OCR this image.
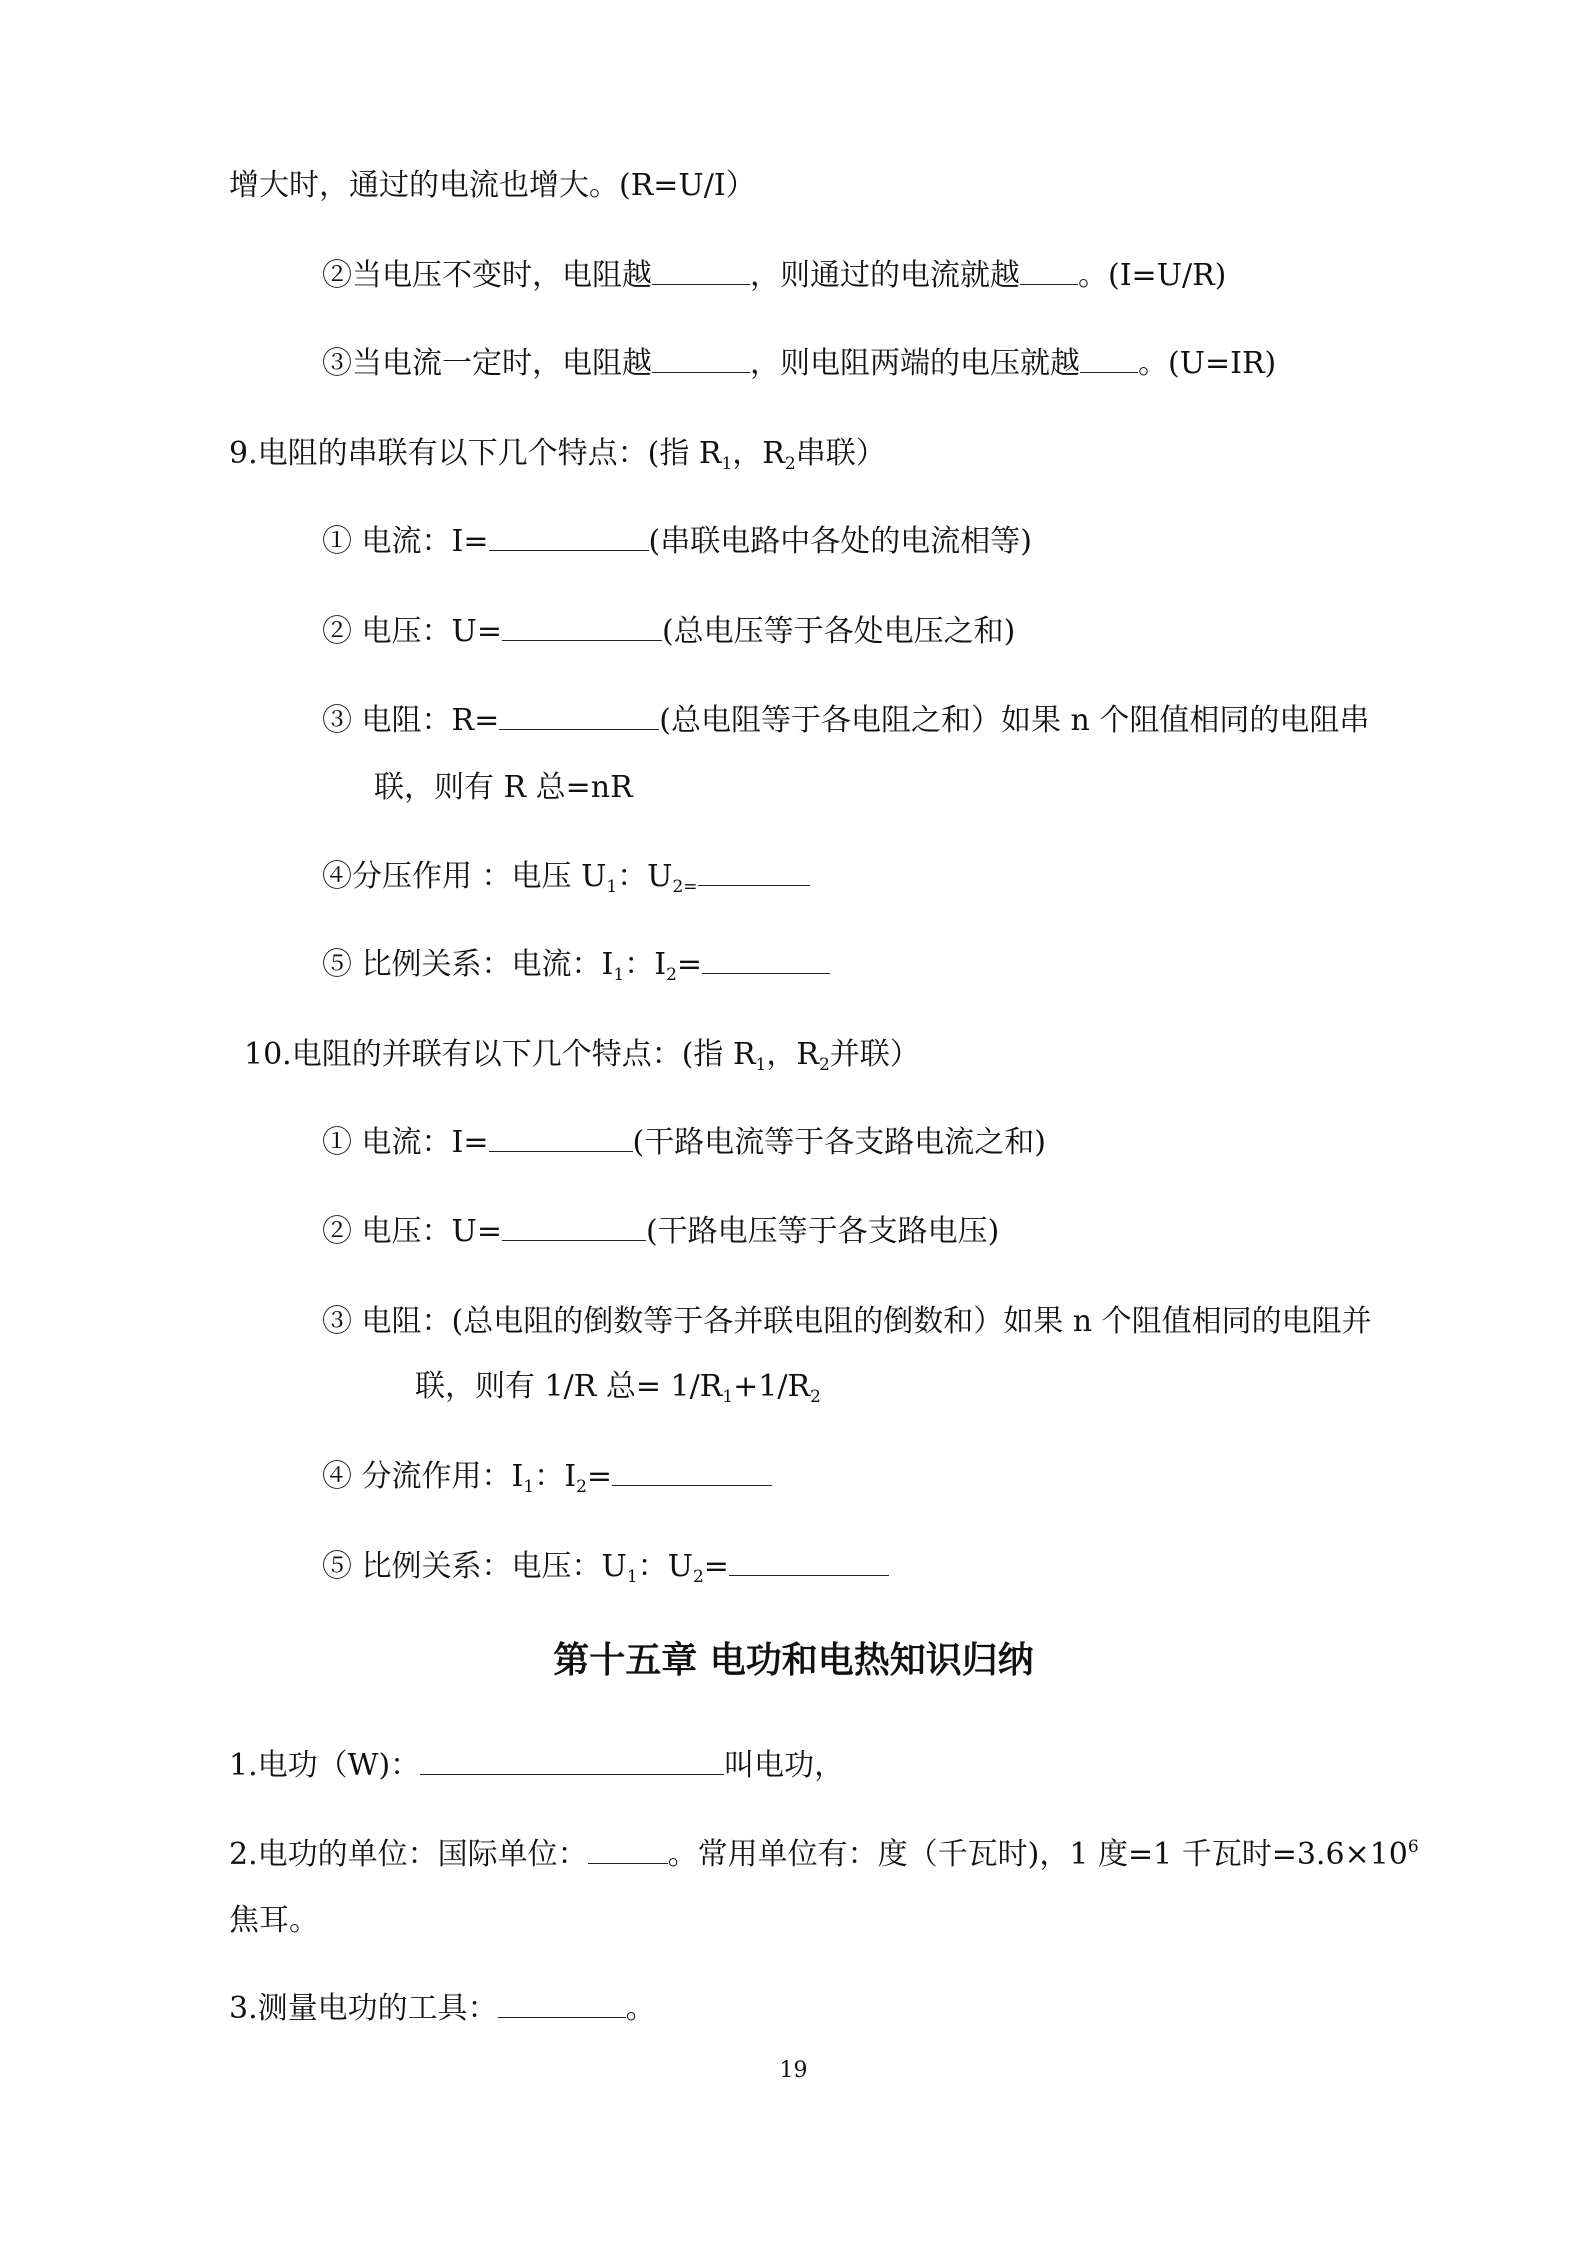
增大时，通过的电流也增大。(R=U/I）
②当电压不变时，电阻越	，则通过的电流就越 。(I=U/R)
③当电流一定时，电阻越	，则电阻两端的电压就越 。(U=IR)
9.电阻的串联有以下几个特点：(指 $R_1$，$R_2$串联）
① 电流：I=	(串联电路中各处的电流相等)
② 电压：U=	(总电压等于各处电压之和)
③ 电阻：R=	(总电阻等于各电阻之和）如果 n 个阻值相同的电阻串
联，则有 R 总=nR
④分压作用 ：电压 $U_1$：$U_{2=}$
⑤ 比例关系：电流：$I_1$：$I_2=$
10.电阻的并联有以下几个特点：(指 $R_1$，$R_2$并联）
① 电流：I=	(干路电流等于各支路电流之和)
② 电压：U=	(干路电压等于各支路电压)
③ 电阻：(总电阻的倒数等于各并联电阻的倒数和）如果 n 个阻值相同的电阻并
联，则有 1/R 总= $1/R_1+1/R_2$
④ 分流作用：$I_1$：$I_2=$
⑤ 比例关系：电压：$U_1$：$U_2=$
第十五章 电功和电热知识归纳
1.电功（W)：	叫电功，
2.电功的单位：国际单位：	。常用单位有：度（千瓦时)，1 度=1 千瓦时$=3.6\times 10^6$
焦耳。
3.测量电功的工具：	。
19
